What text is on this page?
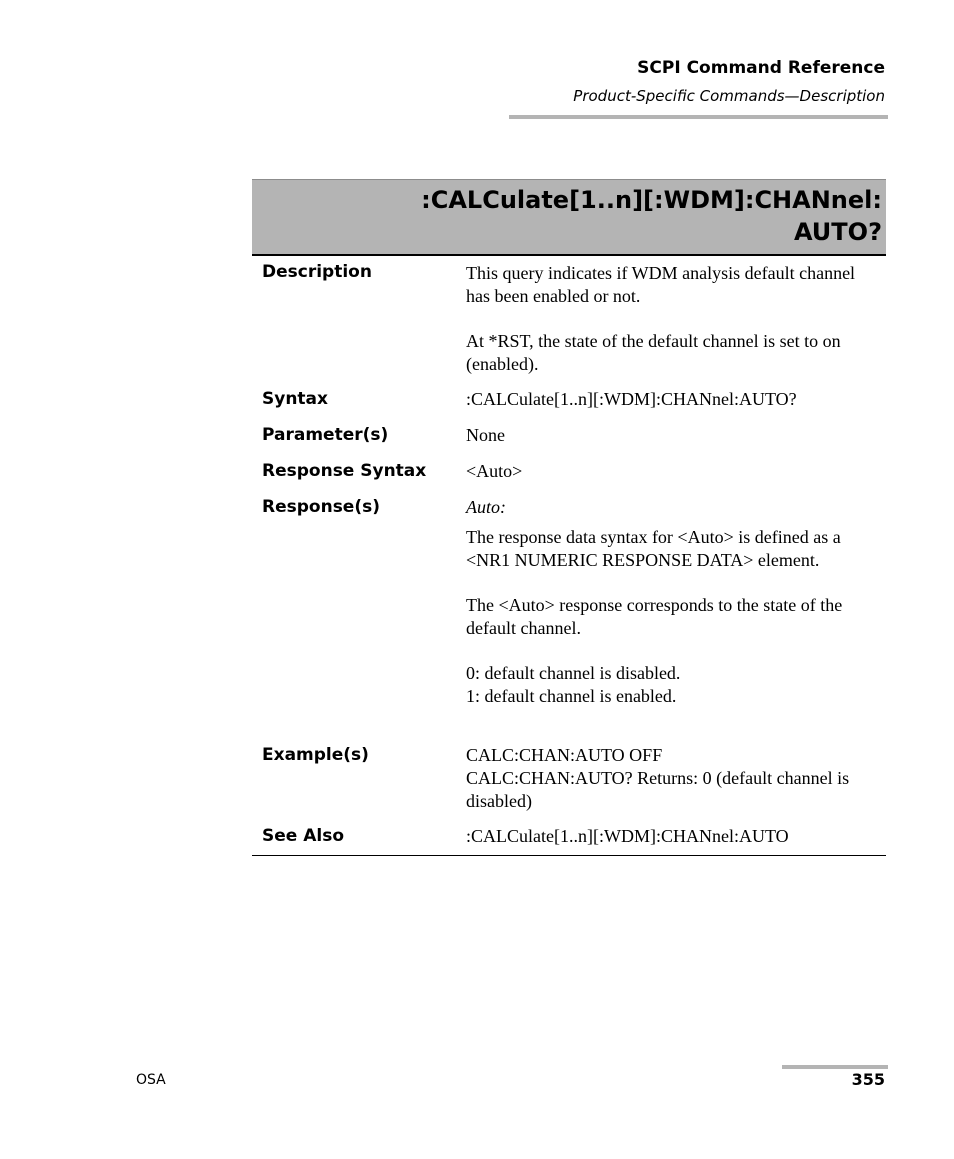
SCPI Command Reference
Product-Specific Commands—Description
:CALCulate[1..n][:WDM]:CHANnel:
AUTO?
Description	This query indicates if WDM analysis default channel has been enabled or not.

At *RST, the state of the default channel is set to on (enabled).

Syntax	:CALCulate[1..n][:WDM]:CHANnel:AUTO?
Parameter(s)	None
Response Syntax <Auto>
Response(s)	Auto:

The response data syntax for <Auto> is defined as a <NR1 NUMERIC RESPONSE DATA> element.

The <Auto> response corresponds to the state of the default channel.

0: default channel is disabled.

1: default channel is enabled.

Example(s)	CALC:CHAN:AUTO OFF

CALC:CHAN:AUTO? Returns: 0 (default channel is disabled)

See Also	:CALCulate[1..n][:WDM]:CHANnel:AUTO
OSA	355
